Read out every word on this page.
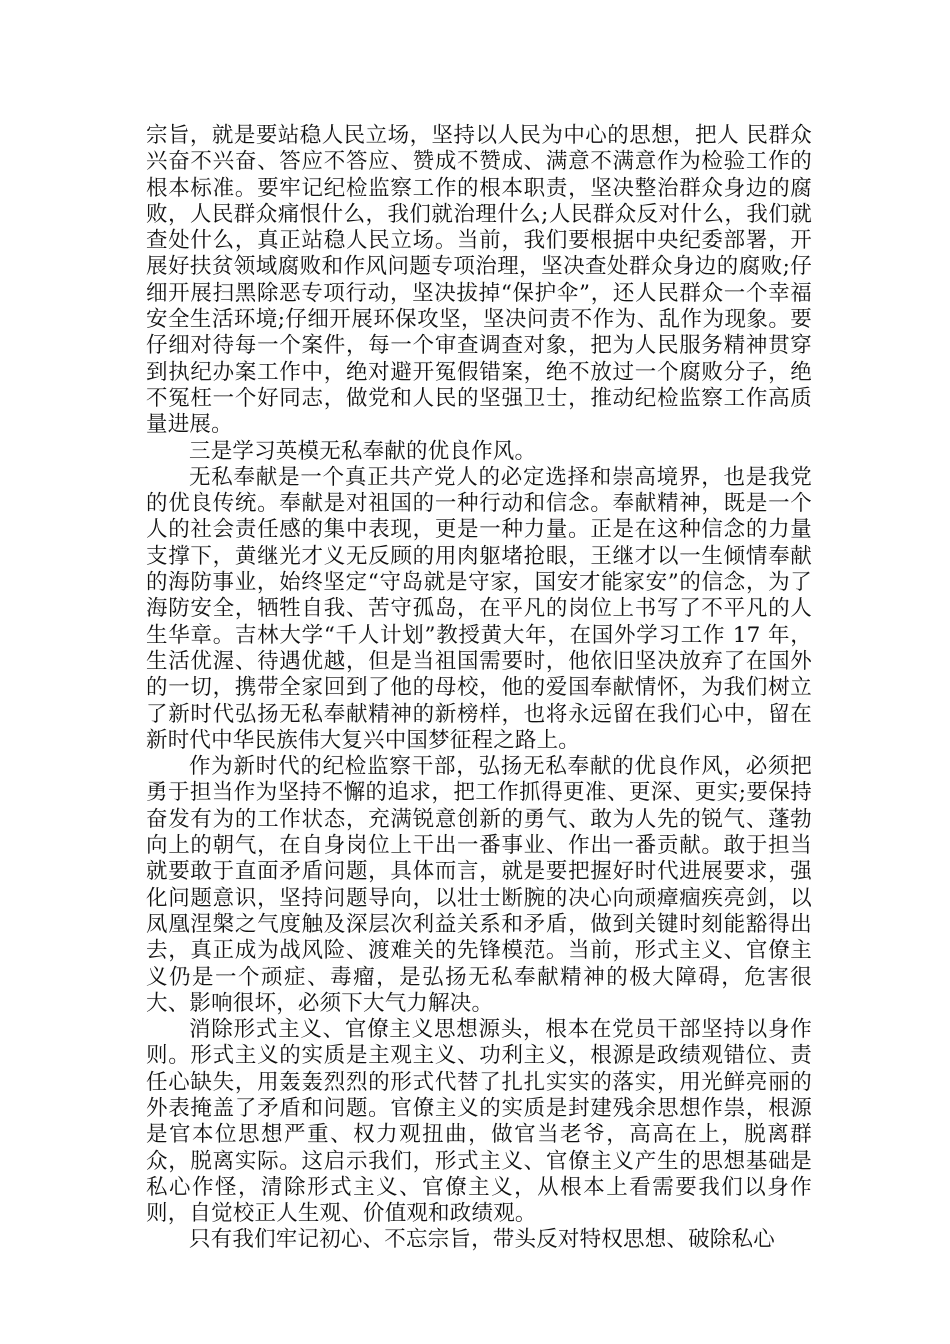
宗旨，就是要站稳人民立场，坚持以人民为中心的思想，把人 民群众兴奋不兴奋、答应不答应、赞成不赞成、满意不满意作为检验工作的根本标准。要牢记纪检监察工作的根本职责，坚决整治群众身边的腐败，人民群众痛恨什么，我们就治理什么;人民群众反对什么，我们就查处什么，真正站稳人民立场。当前，我们要根据中央纪委部署，开展好扶贫领域腐败和作风问题专项治理，坚决查处群众身边的腐败;仔细开展扫黑除恶专项行动，坚决拔掉“保护伞”，还人民群众一个幸福安全生活环境;仔细开展环保攻坚，坚决问责不作为、乱作为现象。要仔细对待每一个案件，每一个审查调查对象，把为人民服务精神贯穿到执纪办案工作中，绝对避开冤假错案，绝不放过一个腐败分子，绝不冤枉一个好同志，做党和人民的坚强卫士，推动纪检监察工作高质量进展。

三是学习英模无私奉献的优良作风。

无私奉献是一个真正共产党人的必定选择和崇高境界，也是我党的优良传统。奉献是对祖国的一种行动和信念。奉献精神，既是一个人的社会责任感的集中表现，更是一种力量。正是在这种信念的力量支撑下，黄继光才义无反顾的用肉躯堵抢眼，王继才以一生倾情奉献的海防事业，始终坚定“守岛就是守家，国安才能家安”的信念，为了海防安全，牺牲自我、苦守孤岛，在平凡的岗位上书写了不平凡的人生华章。吉林大学“千人计划”教授黄大年，在国外学习工作 17 年，生活优渥、待遇优越，但是当祖国需要时，他依旧坚决放弃了在国外的一切，携带全家回到了他的母校，他的爱国奉献情怀，为我们树立了新时代弘扬无私奉献精神的新榜样，也将永远留在我们心中，留在新时代中华民族伟大复兴中国梦征程之路上。

作为新时代的纪检监察干部，弘扬无私奉献的优良作风，必须把勇于担当作为坚持不懈的追求，把工作抓得更准、更深、更实;要保持奋发有为的工作状态，充满锐意创新的勇气、敢为人先的锐气、蓬勃向上的朝气，在自身岗位上干出一番事业、作出一番贡献。敢于担当就要敢于直面矛盾问题，具体而言，就是要把握好时代进展要求，强化问题意识，坚持问题导向，以壮士断腕的决心向顽瘴痼疾亮剑，以凤凰涅槃之气度触及深层次利益关系和矛盾，做到关键时刻能豁得出去，真正成为战风险、渡难关的先锋模范。当前，形式主义、官僚主义仍是一个顽症、毒瘤，是弘扬无私奉献精神的极大障碍，危害很大、影响很坏，必须下大气力解决。

消除形式主义、官僚主义思想源头，根本在党员干部坚持以身作则。形式主义的实质是主观主义、功利主义，根源是政绩观错位、责任心缺失，用轰轰烈烈的形式代替了扎扎实实的落实，用光鲜亮丽的外表掩盖了矛盾和问题。官僚主义的实质是封建残余思想作祟，根源是官本位思想严重、权力观扭曲，做官当老爷，高高在上，脱离群众，脱离实际。这启示我们，形式主义、官僚主义产生的思想基础是私心作怪，清除形式主义、官僚主义，从根本上看需要我们以身作则，自觉校正人生观、价值观和政绩观。

只有我们牢记初心、不忘宗旨，带头反对特权思想、破除私心
